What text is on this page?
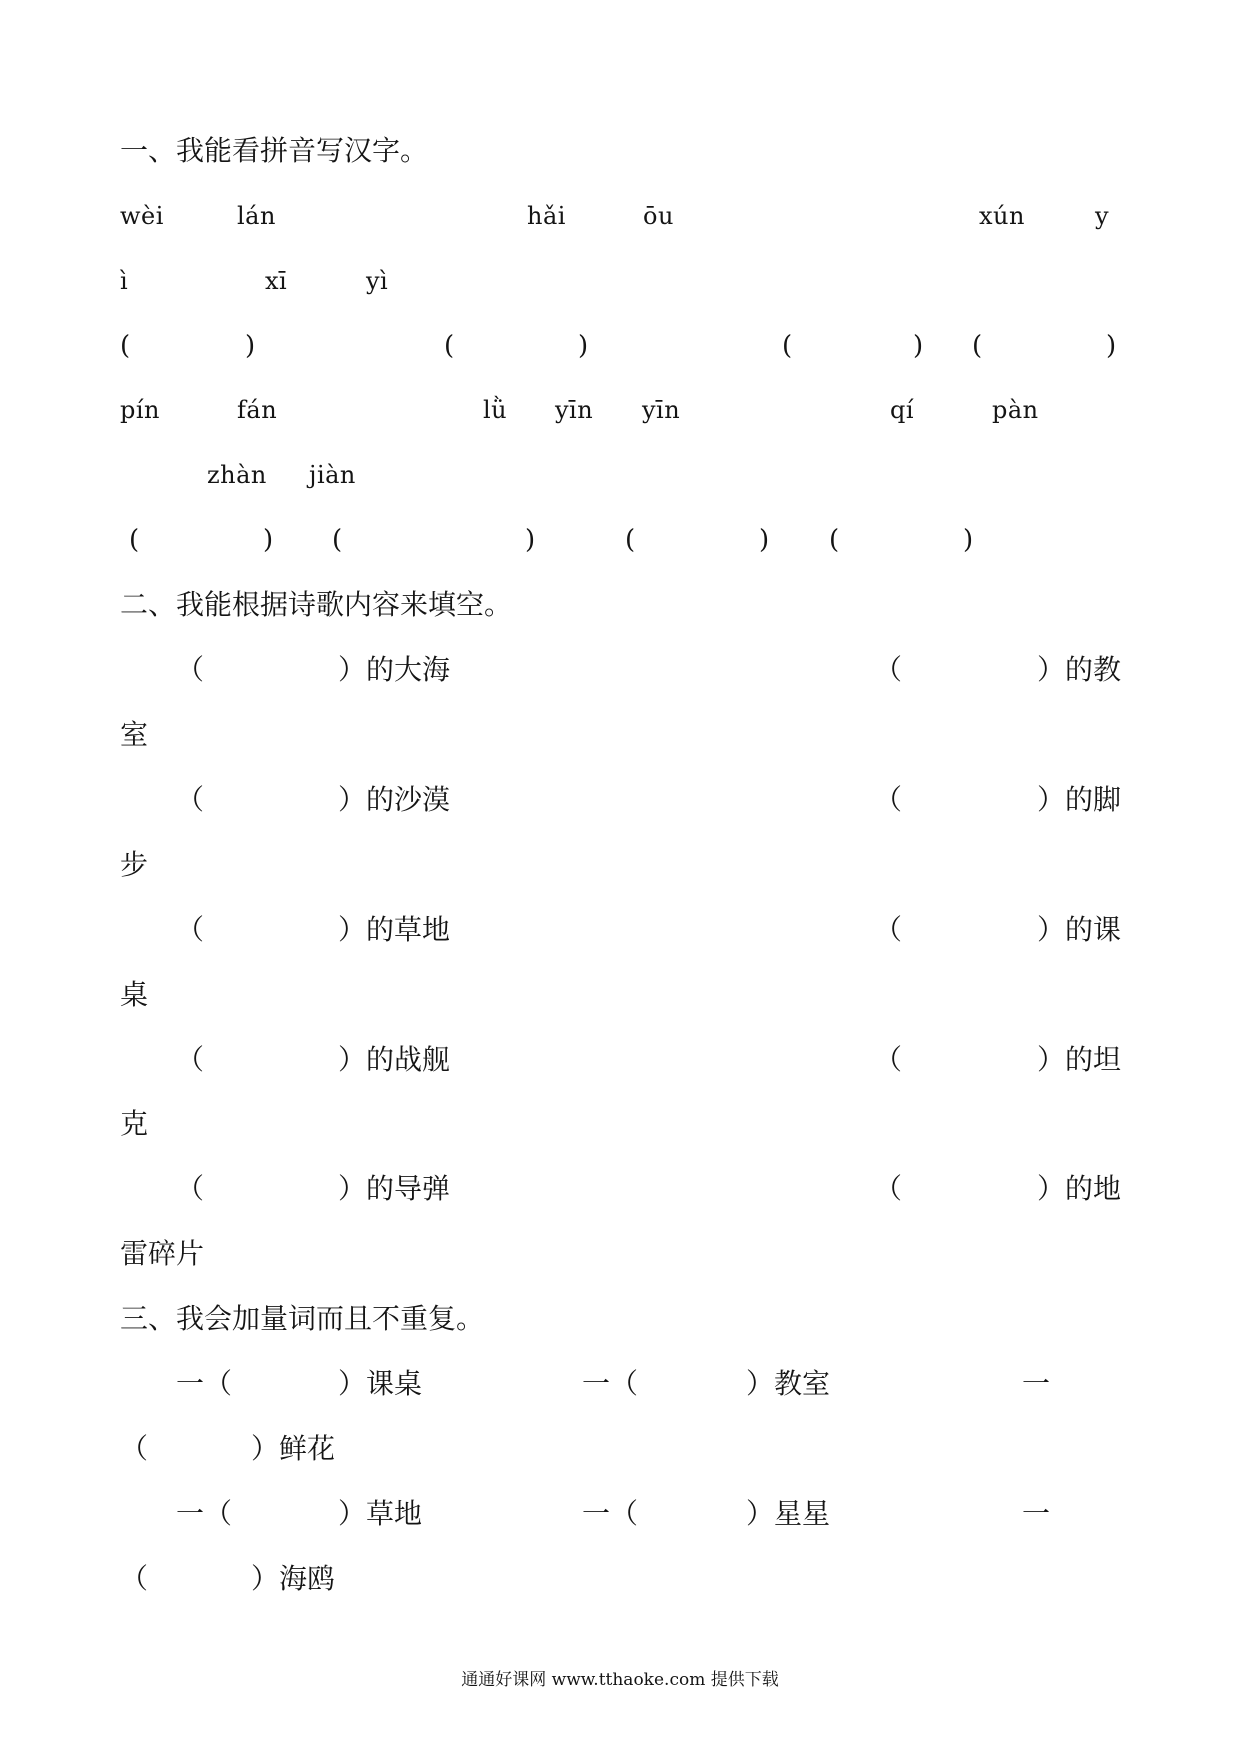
一、我能看拼音写汉字。
wèi	lán	hǎi	ōu	xún	y
ì	xī	yì
(	)	(	)	(	) (	)
pín	fán	lǜ yīn yīn	qí	pàn
zhàn jiàn
(	) (	)	(	) (	)
二、我能根据诗歌内容来填空。
（	）的大海	（	）的教
室
（	）的沙漠	（	）的脚
步
（	）的草地	（	）的课
桌
（	）的战舰	（	）的坦
克
（	）的导弹	（	）的地
雷碎片
三、我会加量词而且不重复。
一（	）课桌	一（	）教室	一
（	）鲜花
一（	）草地	一（	）星星	一
（	）海鸥
通通好课网 www.tthaoke.com 提供下载
